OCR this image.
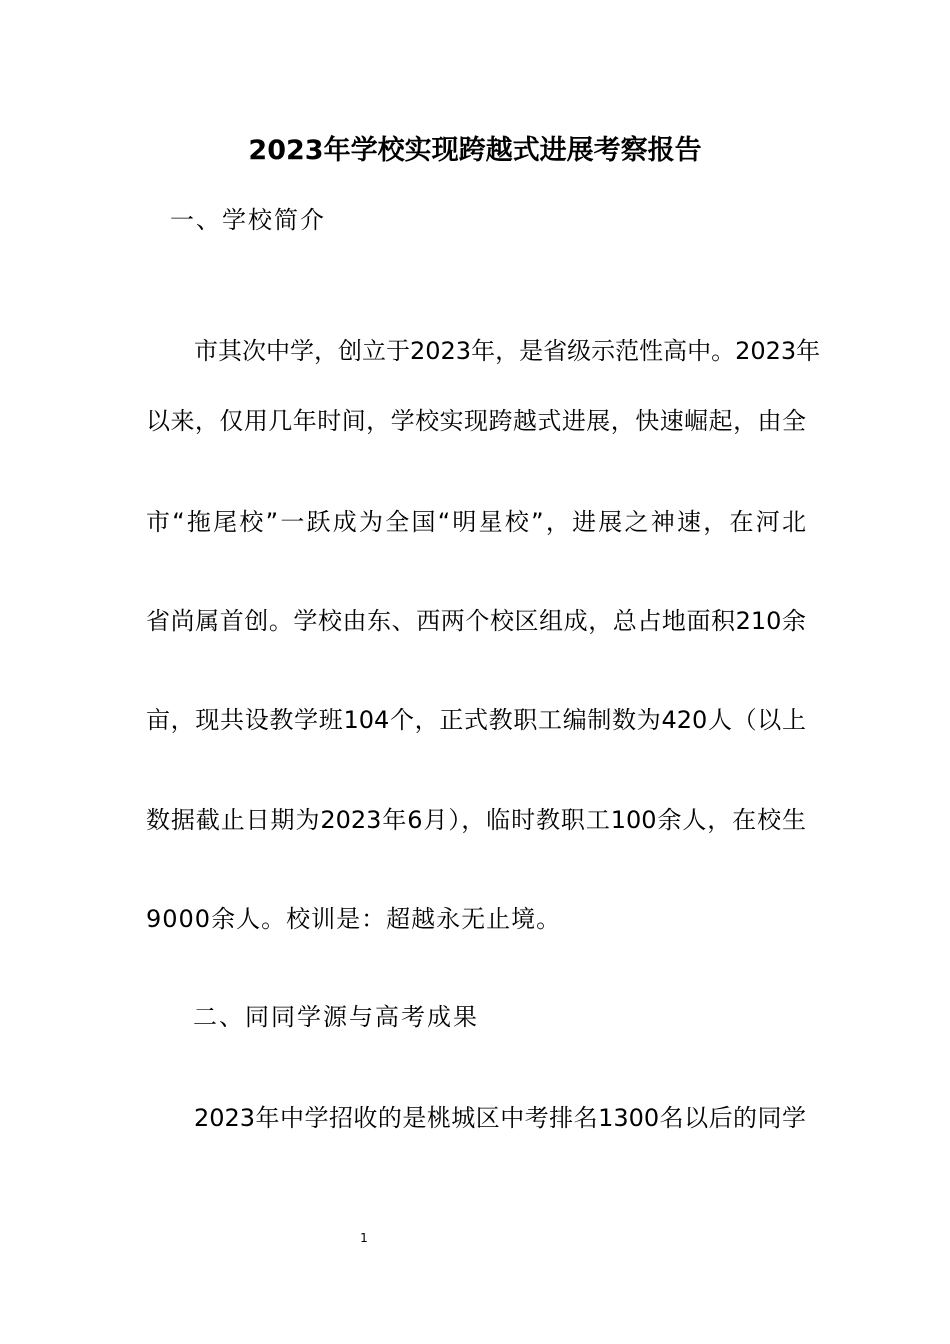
2023年学校实现跨越式进展考察报告
一、学校简介
市其次中学，创立于2023年，是省级示范性高中。2023年
以来，仅用几年时间，学校实现跨越式进展，快速崛起，由全
市“拖尾校”一跃成为全国“明星校”，进展之神速，在河北
省尚属首创。学校由东、西两个校区组成，总占地面积210余
亩，现共设教学班104个，正式教职工编制数为420人（以上
数据截止日期为2023年6月），临时教职工100余人，在校生
9000余人。校训是：超越永无止境。
二、同同学源与高考成果
2023年中学招收的是桃城区中考排名1300名以后的同学
1
